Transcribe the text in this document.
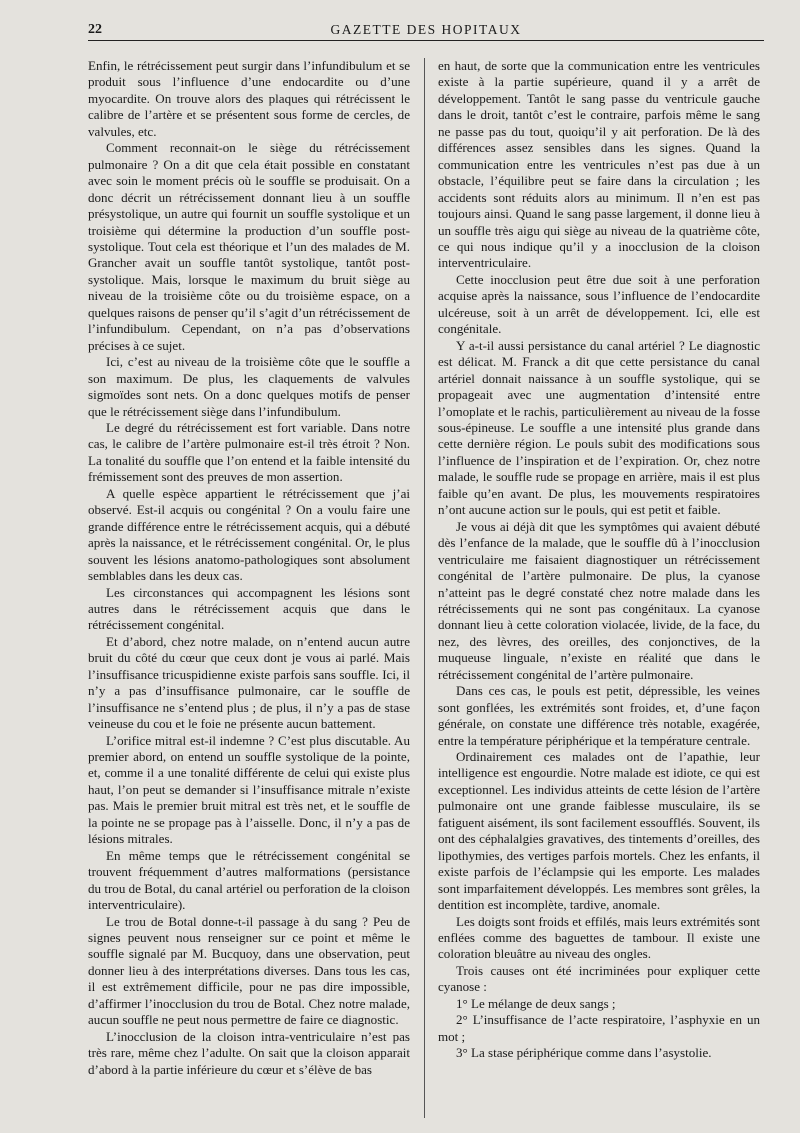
22	GAZETTE DES HOPITAUX

Enfin, le rétrécissement peut surgir dans l’infundibulum et se produit sous l’influence d’une endocardite ou d’une myocardite. On trouve alors des plaques qui rétrécissent le calibre de l’artère et se présentent sous forme de cercles, de valvules, etc.

Comment reconnait-on le siège du rétrécissement pulmonaire ? On a dit que cela était possible en constatant avec soin le moment précis où le souffle se produisait. On a donc décrit un rétrécissement donnant lieu à un souffle présystolique, un autre qui fournit un souffle systolique et un troisième qui détermine la production d’un souffle post-systolique. Tout cela est théorique et l’un des malades de M. Grancher avait un souffle tantôt systolique, tantôt post-systolique. Mais, lorsque le maximum du bruit siège au niveau de la troisième côte ou du troisième espace, on a quelques raisons de penser qu’il s’agit d’un rétrécissement de l’infundibulum. Cependant, on n’a pas d’observations précises à ce sujet.

Ici, c’est au niveau de la troisième côte que le souffle a son maximum. De plus, les claquements de valvules sigmoïdes sont nets. On a donc quelques motifs de penser que le rétrécissement siège dans l’infundibulum.

Le degré du rétrécissement est fort variable. Dans notre cas, le calibre de l’artère pulmonaire est-il très étroit ? Non. La tonalité du souffle que l’on entend et la faible intensité du frémissement sont des preuves de mon assertion.

A quelle espèce appartient le rétrécissement que j’ai observé. Est-il acquis ou congénital ? On a voulu faire une grande différence entre le rétrécissement acquis, qui a débuté après la naissance, et le rétrécissement congénital. Or, le plus souvent les lésions anatomo-pathologiques sont absolument semblables dans les deux cas.

Les circonstances qui accompagnent les lésions sont autres dans le rétrécissement acquis que dans le rétrécissement congénital.

Et d’abord, chez notre malade, on n’entend aucun autre bruit du côté du cœur que ceux dont je vous ai parlé. Mais l’insuffisance tricuspidienne existe parfois sans souffle. Ici, il n’y a pas d’insuffisance pulmonaire, car le souffle de l’insuffisance ne s’entend plus ; de plus, il n’y a pas de stase veineuse du cou et le foie ne présente aucun battement.

L’orifice mitral est-il indemne ? C’est plus discutable. Au premier abord, on entend un souffle systolique de la pointe, et, comme il a une tonalité différente de celui qui existe plus haut, l’on peut se demander si l’insuffisance mitrale n’existe pas. Mais le premier bruit mitral est très net, et le souffle de la pointe ne se propage pas à l’aisselle. Donc, il n’y a pas de lésions mitrales.

En même temps que le rétrécissement congénital se trouvent fréquemment d’autres malformations (persistance du trou de Botal, du canal artériel ou perforation de la cloison interventriculaire).

Le trou de Botal donne-t-il passage à du sang ? Peu de signes peuvent nous renseigner sur ce point et même le souffle signalé par M. Bucquoy, dans une observation, peut donner lieu à des interprétations diverses. Dans tous les cas, il est extrêmement difficile, pour ne pas dire impossible, d’affirmer l’inocclusion du trou de Botal. Chez notre malade, aucun souffle ne peut nous permettre de faire ce diagnostic.

L’inocclusion de la cloison intra-ventriculaire n’est pas très rare, même chez l’adulte. On sait que la cloison apparait d’abord à la partie inférieure du cœur et s’élève de bas

en haut, de sorte que la communication entre les ventricules existe à la partie supérieure, quand il y a arrêt de développement. Tantôt le sang passe du ventricule gauche dans le droit, tantôt c’est le contraire, parfois même le sang ne passe pas du tout, quoiqu’il y ait perforation. De là des différences assez sensibles dans les signes. Quand la communication entre les ventricules n’est pas due à un obstacle, l’équilibre peut se faire dans la circulation ; les accidents sont réduits alors au minimum. Il n’en est pas toujours ainsi. Quand le sang passe largement, il donne lieu à un souffle très aigu qui siège au niveau de la quatrième côte, ce qui nous indique qu’il y a inocclusion de la cloison interventriculaire.

Cette inocclusion peut être due soit à une perforation acquise après la naissance, sous l’influence de l’endocardite ulcéreuse, soit à un arrêt de développement. Ici, elle est congénitale.

Y a-t-il aussi persistance du canal artériel ? Le diagnostic est délicat. M. Franck a dit que cette persistance du canal artériel donnait naissance à un souffle systolique, qui se propageait avec une augmentation d’intensité entre l’omoplate et le rachis, particulièrement au niveau de la fosse sous-épineuse. Le souffle a une intensité plus grande dans cette dernière région. Le pouls subit des modifications sous l’influence de l’inspiration et de l’expiration. Or, chez notre malade, le souffle rude se propage en arrière, mais il est plus faible qu’en avant. De plus, les mouvements respiratoires n’ont aucune action sur le pouls, qui est petit et faible.

Je vous ai déjà dit que les symptômes qui avaient débuté dès l’enfance de la malade, que le souffle dû à l’inocclusion ventriculaire me faisaient diagnostiquer un rétrécissement congénital de l’artère pulmonaire. De plus, la cyanose n’atteint pas le degré constaté chez notre malade dans les rétrécissements qui ne sont pas congénitaux. La cyanose donnant lieu à cette coloration violacée, livide, de la face, du nez, des lèvres, des oreilles, des conjonctives, de la muqueuse linguale, n’existe en réalité que dans le rétrécissement congénital de l’artère pulmonaire.

Dans ces cas, le pouls est petit, dépressible, les veines sont gonflées, les extrémités sont froides, et, d’une façon générale, on constate une différence très notable, exagérée, entre la température périphérique et la température centrale.

Ordinairement ces malades ont de l’apathie, leur intelligence est engourdie. Notre malade est idiote, ce qui est exceptionnel. Les individus atteints de cette lésion de l’artère pulmonaire ont une grande faiblesse musculaire, ils se fatiguent aisément, ils sont facilement essoufflés. Souvent, ils ont des céphalalgies gravatives, des tintements d’oreilles, des lipothymies, des vertiges parfois mortels. Chez les enfants, il existe parfois de l’éclampsie qui les emporte. Les malades sont imparfaitement développés. Les membres sont grêles, la dentition est incomplète, tardive, anomale.

Les doigts sont froids et effilés, mais leurs extrémités sont enflées comme des baguettes de tambour. Il existe une coloration bleuâtre au niveau des ongles.

Trois causes ont été incriminées pour expliquer cette cyanose :

1° Le mélange de deux sangs ;

2° L’insuffisance de l’acte respiratoire, l’asphyxie en un mot ;

3° La stase périphérique comme dans l’asystolie.
